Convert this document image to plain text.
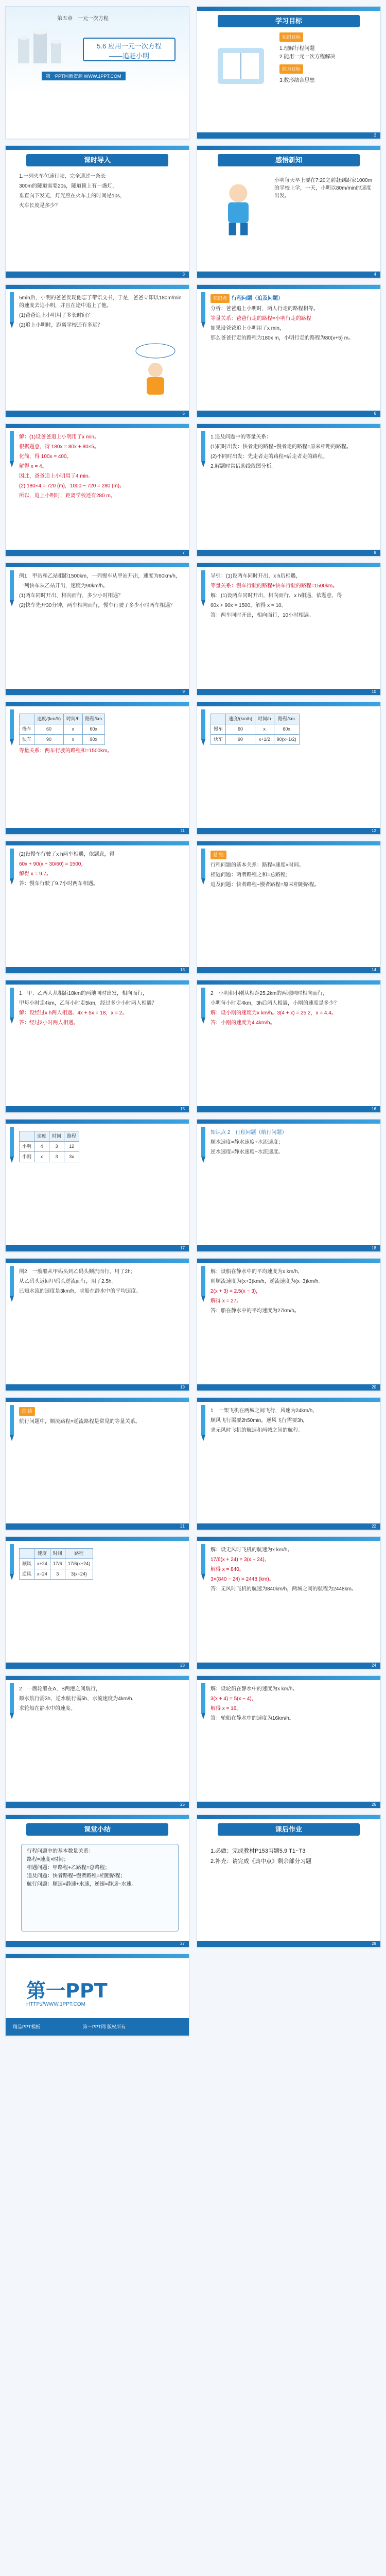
第五章　一元一次方程
5.6 应用一元一次方程
——追赶小明
第一PPT网新资源 WWW.1PPT.COM
学习目标
知识目标
1.理解行程问题
2.能用一元一次方程解决
能力目标
3.数形结合思想
2
课时导入

1.一列火车匀速行驶，完全通过一条长

300m的隧道需要20s，隧道顶上有一盏灯，

垂直向下发光，灯光照在火车上的时间是10s，

火车长度是多少？

3
感悟新知
小明每天早上要在7:20之前赶到距家1000m的学校上学，一天，小明以80m/min的速度出发。
4

5min后，小明的爸爸发现他忘了带语文书，于是，爸爸立即以180m/min的速度去追小明，并且在途中追上了他。

(1)爸爸追上小明用了多长时间？

(2)追上小明时，距离学校还有多远？

5

知识点 行程问题（追及问题）

分析：爸爸追上小明时，两人行走的路程相等。

等量关系：爸爸行走的路程=小明行走的路程

如果设爸爸追上小明用了x min，

那么爸爸行走的路程为180x m，小明行走的路程为80(x+5) m。

6

解：(1)设爸爸追上小明用了x min。

根据题意，得 180x = 80x + 80×5。

化简，得 100x = 400。

解得 x = 4。

因此，爸爸追上小明用了4 min。

(2) 180×4 = 720 (m)，1000 − 720 = 280 (m)。

所以，追上小明时，距离学校还有280 m。

7

1.追及问题中的等量关系：

(1)同时出发：快者走的路程−慢者走的路程=原来相距的路程。

(2)不同时出发：先走者走的路程=后走者走的路程。

2.解题时常借助线段图分析。

8

例1　甲站和乙站相距1500km，一列慢车从甲站开出，速度为60km/h，

一列快车从乙站开出，速度为90km/h。

(1)两车同时开出，相向而行，多少小时相遇？

(2)快车先开30分钟，两车相向而行，慢车行驶了多少小时两车相遇？

9

导引：(1)设两车同时开出，x h后相遇，

等量关系：慢车行驶的路程+快车行驶的路程=1500km。

解：(1)设两车同时开出，相向而行，x h相遇，依题意，得

60x + 90x = 1500，解得 x = 10。

答：两车同时开出，相向而行，10小时相遇。

10
	速度/(km/h)	时间/h	路程/km
慢车	60	x	60x
快车	90	x	90x

等量关系：两车行驶的路程和=1500km。

11
	速度/(km/h)	时间/h	路程/km
慢车	60	x	60x
快车	90	x+1/2	90(x+1/2)
12

(2)设慢车行驶了x h两车相遇，依题意，得

60x + 90(x + 30/60) = 1500，

解得 x = 9.7。

答：慢车行驶了9.7小时两车相遇。

13

总 结

行程问题的基本关系：路程=速度×时间。

相遇问题：两者路程之和=总路程；

追及问题：快者路程−慢者路程=原来相距路程。

14

1　甲、乙两人从相距18km的两地同时出发，相向而行，

甲每小时走4km，乙每小时走5km，经过多少小时两人相遇？

解：设经过x h两人相遇。4x + 5x = 18，x = 2。

答：经过2小时两人相遇。

15

2　小明和小刚从相距25.2km的两地同时相向而行，

小明每小时走4km，3h后两人相遇，小刚的速度是多少？

解：设小刚的速度为x km/h。3(4 + x) = 25.2，x = 4.4。

答：小刚的速度为4.4km/h。

16
	速度	时间	路程
小明	4	3	12
小刚	x	3	3x
17

知识点 2　行程问题（航行问题）

顺水速度=静水速度+水流速度；

逆水速度=静水速度−水流速度。

18

例2　一艘船从甲码头到乙码头顺流而行，用了2h；

从乙码头返回甲码头逆流而行，用了2.5h。

已知水流的速度是3km/h，求船在静水中的平均速度。

19

解：设船在静水中的平均速度为x km/h，

则顺流速度为(x+3)km/h，逆流速度为(x−3)km/h。

2(x + 3) = 2.5(x − 3)，

解得 x = 27。

答：船在静水中的平均速度为27km/h。

20

总 结

航行问题中，顺流路程=逆流路程是常见的等量关系。

21

1　一架飞机在两城之间飞行，风速为24km/h，

顺风飞行需要2h50min，逆风飞行需要3h，

求无风时飞机的航速和两城之间的航程。

22
	速度	时间	路程
顺风	x+24	17/6	17/6(x+24)
逆风	x−24	3	3(x−24)
23

解：设无风时飞机的航速为x km/h。

17/6(x + 24) = 3(x − 24)，

解得 x = 840。

3×(840 − 24) = 2448 (km)。

答：无风时飞机的航速为840km/h，两城之间的航程为2448km。

24

2　一艘轮船在A，B两港之间航行，

顺水航行需3h，逆水航行需5h，水流速度为4km/h，

求轮船在静水中的速度。

25

解：设轮船在静水中的速度为x km/h。

3(x + 4) = 5(x − 4)，

解得 x = 16。

答：轮船在静水中的速度为16km/h。

26
课堂小结
行程问题中的基本数量关系：
路程=速度×时间；
相遇问题：甲路程+乙路程=总路程；
追及问题：快者路程−慢者路程=相距路程；
航行问题：顺速=静速+水速，逆速=静速−水速。
27
课后作业
1.必做：完成教材P153习题5.9 T1~T3
2.补充：请完成《典中点》剩余部分习题
28
第一PPT
HTTP://WWW.1PPT.COM
精品PPT模板	第一PPT网 版权所有
